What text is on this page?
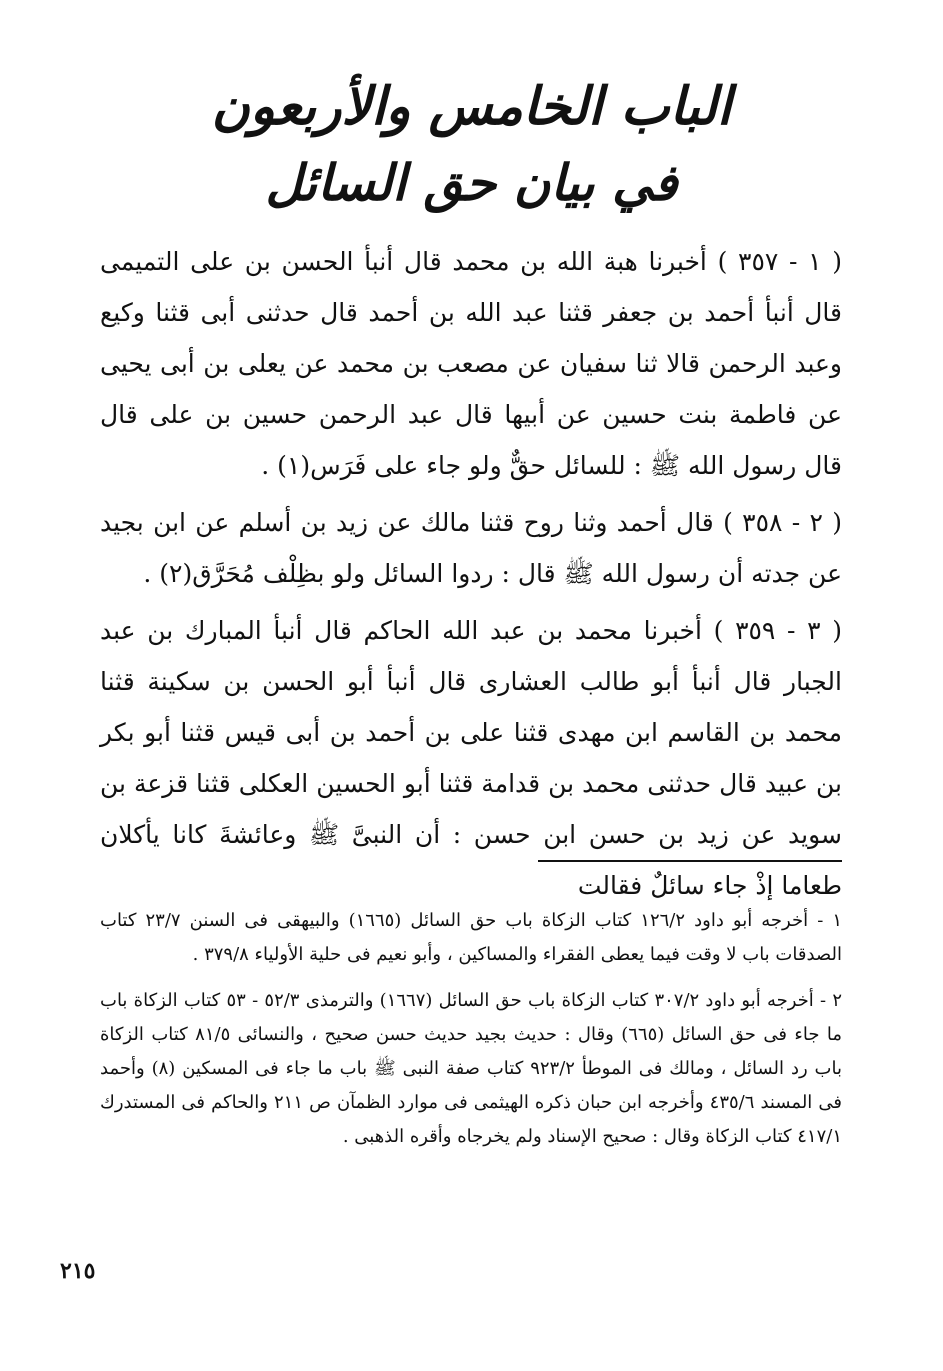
الباب الخامس والأربعون
في بيان حق السائل

( ١ - ٣٥٧ ) أخبرنا هبة الله بن محمد قال أنبأ الحسن بن على التميمى قال أنبأ أحمد بن جعفر قثنا عبد الله بن أحمد قال حدثنى أبى قثنا وكيع وعبد الرحمن قالا ثنا سفيان عن مصعب بن محمد عن يعلى بن أبى يحيى عن فاطمة بنت حسين عن أبيها قال عبد الرحمن حسين بن على قال قال رسول الله ﷺ : للسائل حقٌّ ولو جاء على فَرَس(١) .

( ٢ - ٣٥٨ ) قال أحمد وثنا روح قثنا مالك عن زيد بن أسلم عن ابن بجيد عن جدته أن رسول الله ﷺ قال : ردوا السائل ولو بظِلْف مُحَرَّق(٢) .

( ٣ - ٣٥٩ ) أخبرنا محمد بن عبد الله الحاكم قال أنبأ المبارك بن عبد الجبار قال أنبأ أبو طالب العشارى قال أنبأ أبو الحسن بن سكينة قثنا محمد بن القاسم ابن مهدى قثنا على بن أحمد بن أبى قيس قثنا أبو بكر بن عبيد قال حدثنى محمد بن قدامة قثنا أبو الحسين العكلى قثنا قزعة بن سويد عن زيد بن حسن ابن حسن : أن النبىَّ ﷺ وعائشةَ كانا يأكلان طعاما إذْ جاء سائلٌ فقالت

١ - أخرجه أبو داود ١٢٦/٢ كتاب الزكاة باب حق السائل (١٦٦٥) والبيهقى فى السنن ٢٣/٧ كتاب الصدقات باب لا وقت فيما يعطى الفقراء والمساكين ، وأبو نعيم فى حلية الأولياء ٣٧٩/٨ .

٢ - أخرجه أبو داود ٣٠٧/٢ كتاب الزكاة باب حق السائل (١٦٦٧) والترمذى ٥٢/٣ - ٥٣ كتاب الزكاة باب ما جاء فى حق السائل (٦٦٥) وقال : حديث بجيد حديث حسن صحيح ، والنسائى ٨١/٥ كتاب الزكاة باب رد السائل ، ومالك فى الموطأ ٩٢٣/٢ كتاب صفة النبى ﷺ باب ما جاء فى المسكين (٨) وأحمد فى المسند ٤٣٥/٦ وأخرجه ابن حبان ذكره الهيثمى فى موارد الظمآن ص ٢١١ والحاكم فى المستدرك ٤١٧/١ كتاب الزكاة وقال : صحيح الإسناد ولم يخرجاه وأقره الذهبى .

٢١٥
